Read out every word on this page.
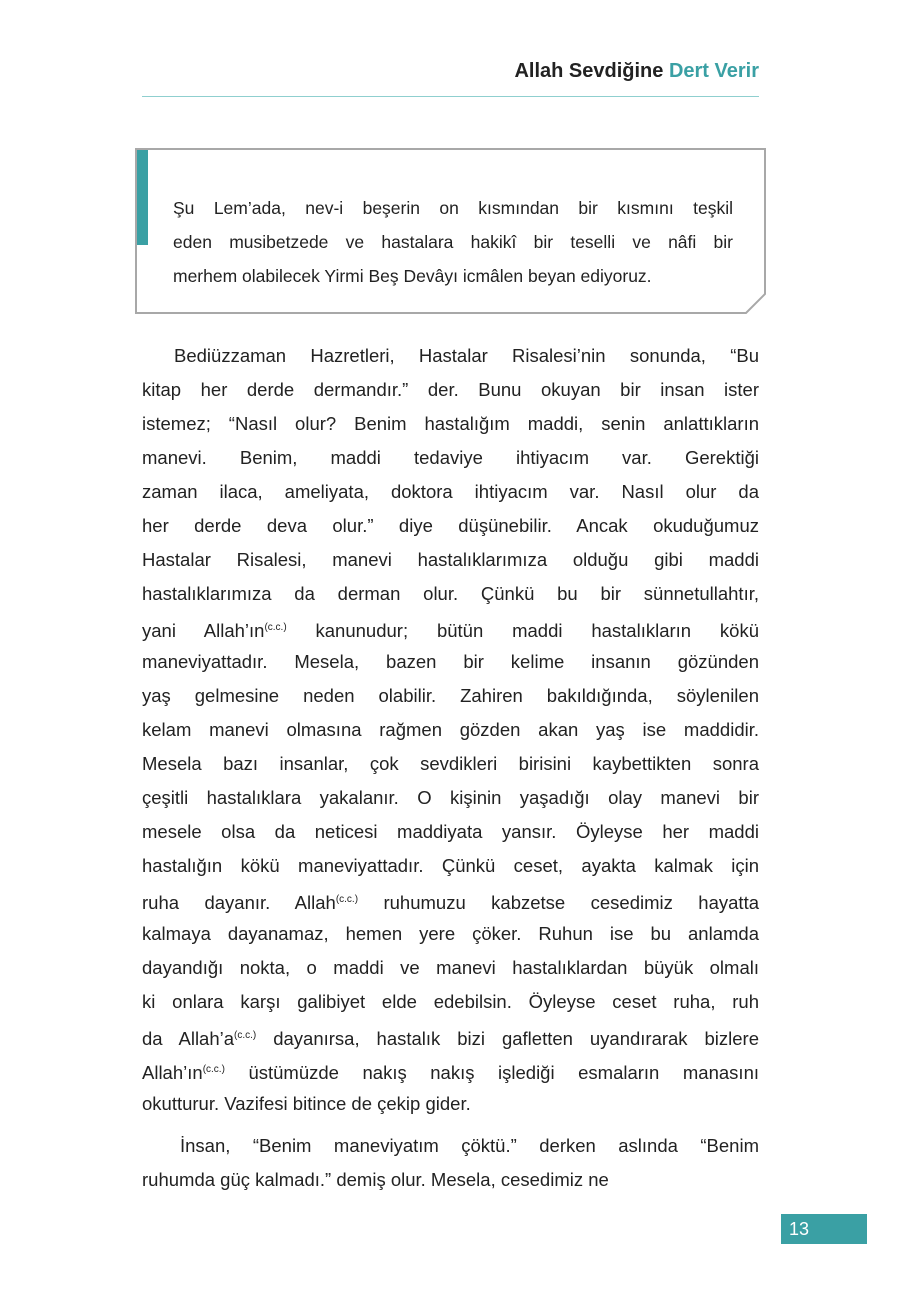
Allah Sevdiğine Dert Verir
Şu Lem’ada, nev-i beşerin on kısmından bir kısmını teşkil
eden musibetzede ve hastalara hakikî bir teselli ve nâfi bir
merhem olabilecek Yirmi Beş Devâyı icmâlen beyan ediyoruz.
Bediüzzaman Hazretleri, Hastalar Risalesi’nin sonunda, “Bu
kitap her derde dermandır.” der. Bunu okuyan bir insan ister
istemez; “Nasıl olur? Benim hastalığım maddi, senin anlattıkların
manevi. Benim, maddi tedaviye ihtiyacım var. Gerektiği
zaman ilaca, ameliyata, doktora ihtiyacım var. Nasıl olur da
her derde deva olur.” diye düşünebilir. Ancak okuduğumuz
Hastalar Risalesi, manevi hastalıklarımıza olduğu gibi maddi
hastalıklarımıza da derman olur. Çünkü bu bir sünnetullahtır,
yani $Allah’ın^{(c.c.)}$ kanunudur; bütün maddi hastalıkların kökü
maneviyattadır. Mesela, bazen bir kelime insanın gözünden
yaş gelmesine neden olabilir. Zahiren bakıldığında, söylenilen
kelam manevi olmasına rağmen gözden akan yaş ise maddidir.
Mesela bazı insanlar, çok sevdikleri birisini kaybettikten sonra
çeşitli hastalıklara yakalanır. O kişinin yaşadığı olay manevi bir
mesele olsa da neticesi maddiyata yansır. Öyleyse her maddi
hastalığın kökü maneviyattadır. Çünkü ceset, ayakta kalmak için
ruha dayanır. Allah$^{(c.c.)}$ ruhumuzu kabzetse cesedimiz hayatta
kalmaya dayanamaz, hemen yere çöker. Ruhun ise bu anlamda
dayandığı nokta, o maddi ve manevi hastalıklardan büyük olmalı
ki onlara karşı galibiyet elde edebilsin. Öyleyse ceset ruha, ruh
da $Allah’a^{(c.c.)}$ dayanırsa, hastalık bizi gafletten uyandırarak bizlere
$Allah’ın^{(c.c.)}$ üstümüzde nakış nakış işlediği esmaların manasını
okutturur. Vazifesi bitince de çekip gider.
İnsan, “Benim maneviyatım çöktü.” derken aslında “Benim
ruhumda güç kalmadı.” demiş olur. Mesela, cesedimiz ne
13
